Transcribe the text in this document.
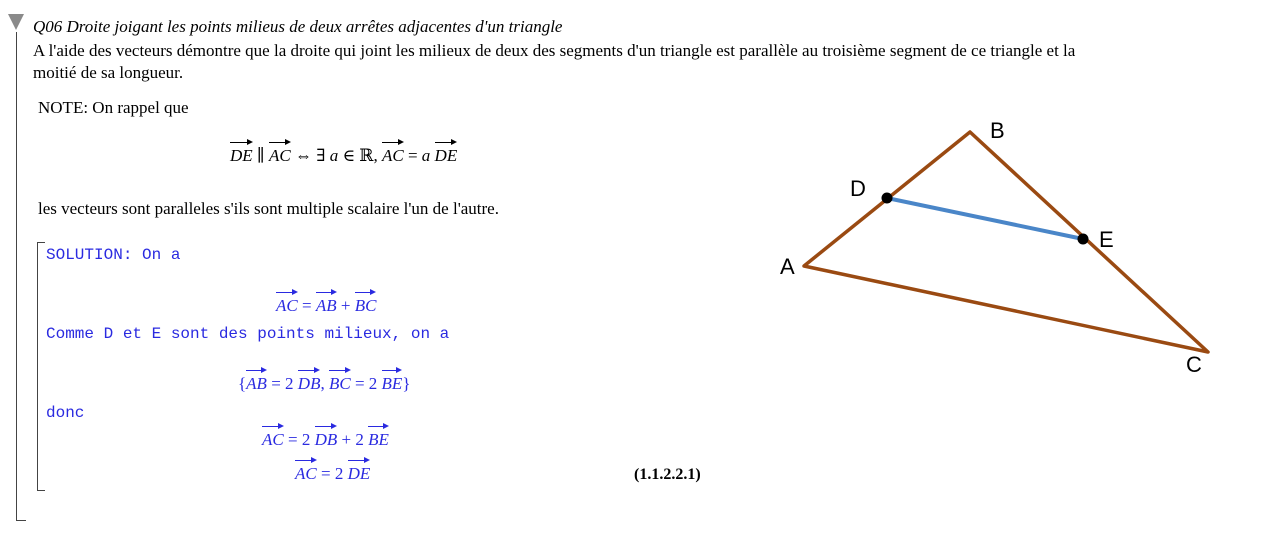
Q06 Droite joigant les points milieus de deux arrêtes adjacentes d'un triangle
A l'aide des vecteurs démontre que la droite qui joint les milieux de deux des segments d'un triangle est parallèle au troisième segment de ce triangle et la
moitié de sa longueur.
NOTE: On rappel que
DE ∥ AC ⇔ ∃ a ∈ ℝ, AC = a DE
les vecteurs sont paralleles s'ils sont multiple scalaire l'un de l'autre.
SOLUTION: On a
AC = AB + BC
Comme D et E sont des points milieux, on a
{AB = 2 DB, BC = 2 BE}
donc
AC = 2 DB + 2 BE
AC = 2 DE	(1.1.2.2.1)
A
B
C
D
E
